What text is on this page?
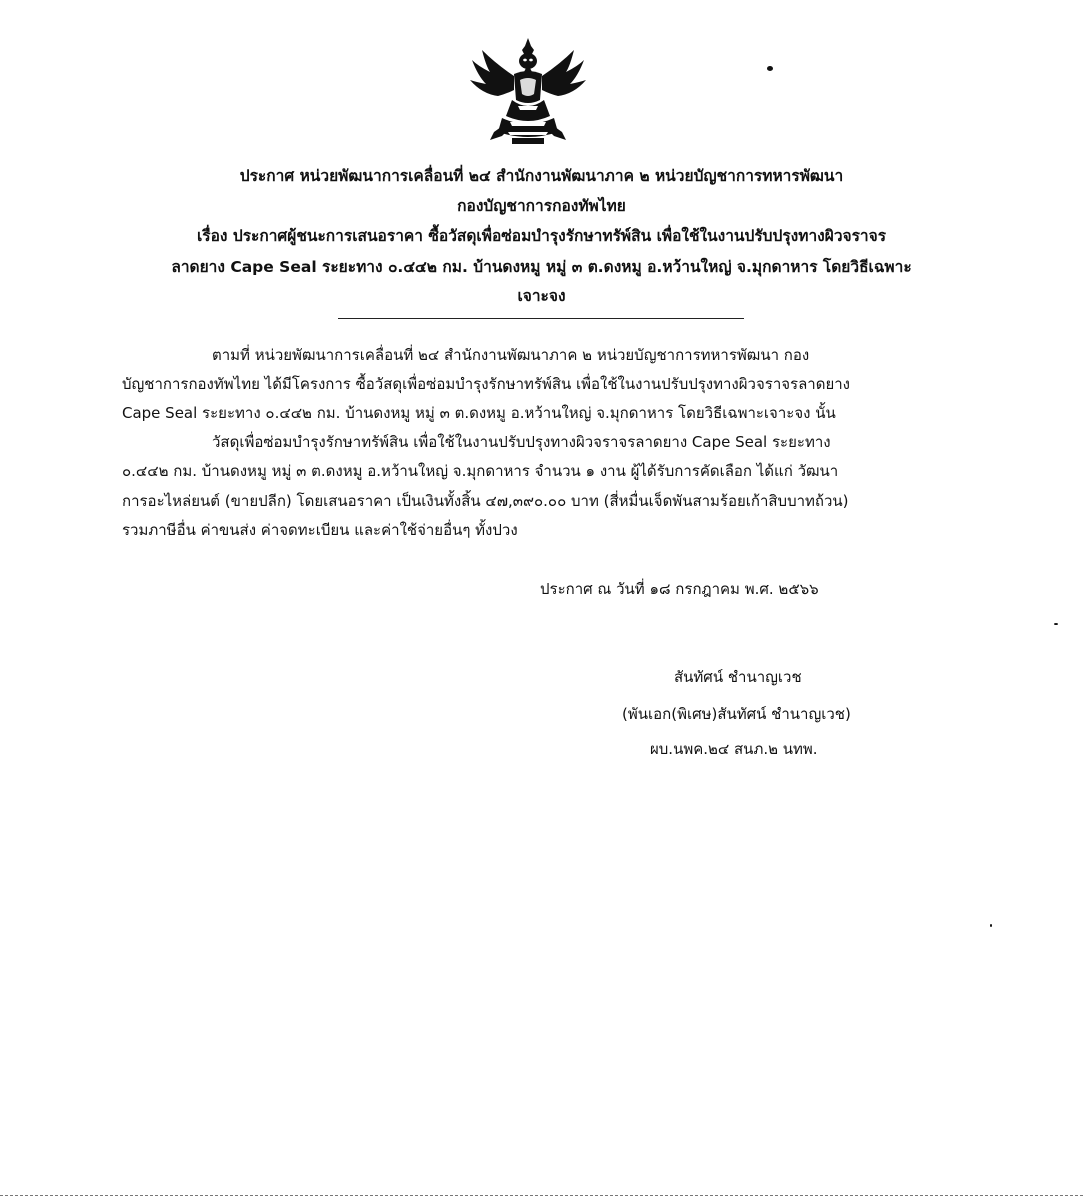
ประกาศ หน่วยพัฒนาการเคลื่อนที่ ๒๔ สำนักงานพัฒนาภาค ๒ หน่วยบัญชาการทหารพัฒนา
กองบัญชาการกองทัพไทย
เรื่อง ประกาศผู้ชนะการเสนอราคา ซื้อวัสดุเพื่อซ่อมบำรุงรักษาทรัพ์สิน เพื่อใช้ในงานปรับปรุงทางผิวจราจร
ลาดยาง Cape Seal ระยะทาง ๐.๔๔๒ กม. บ้านดงหมู หมู่ ๓ ต.ดงหมู อ.หว้านใหญ่ จ.มุกดาหาร โดยวิธีเฉพาะ
เจาะจง
ตามที่ หน่วยพัฒนาการเคลื่อนที่ ๒๔ สำนักงานพัฒนาภาค ๒ หน่วยบัญชาการทหารพัฒนา กอง
บัญชาการกองทัพไทย ได้มีโครงการ ซื้อวัสดุเพื่อซ่อมบำรุงรักษาทรัพ์สิน เพื่อใช้ในงานปรับปรุงทางผิวจราจรลาดยาง
Cape Seal ระยะทาง ๐.๔๔๒ กม. บ้านดงหมู หมู่ ๓ ต.ดงหมู อ.หว้านใหญ่ จ.มุกดาหาร โดยวิธีเฉพาะเจาะจง นั้น
วัสดุเพื่อซ่อมบำรุงรักษาทรัพ์สิน เพื่อใช้ในงานปรับปรุงทางผิวจราจรลาดยาง Cape Seal ระยะทาง
๐.๔๔๒ กม. บ้านดงหมู หมู่ ๓ ต.ดงหมู อ.หว้านใหญ่ จ.มุกดาหาร จำนวน ๑ งาน ผู้ได้รับการคัดเลือก ได้แก่ วัฒนา
การอะไหล่ยนต์ (ขายปลีก) โดยเสนอราคา เป็นเงินทั้งสิ้น ๔๗,๓๙๐.๐๐ บาท (สี่หมื่นเจ็ดพันสามร้อยเก้าสิบบาทถ้วน)
รวมภาษีอื่น ค่าขนส่ง ค่าจดทะเบียน และค่าใช้จ่ายอื่นๆ ทั้งปวง
ประกาศ ณ วันที่ ๑๘ กรกฎาคม พ.ศ. ๒๕๖๖
สันทัศน์ ชำนาญเวช
(พันเอก(พิเศษ)สันทัศน์ ชำนาญเวช)
ผบ.นพค.๒๔ สนภ.๒ นทพ.
